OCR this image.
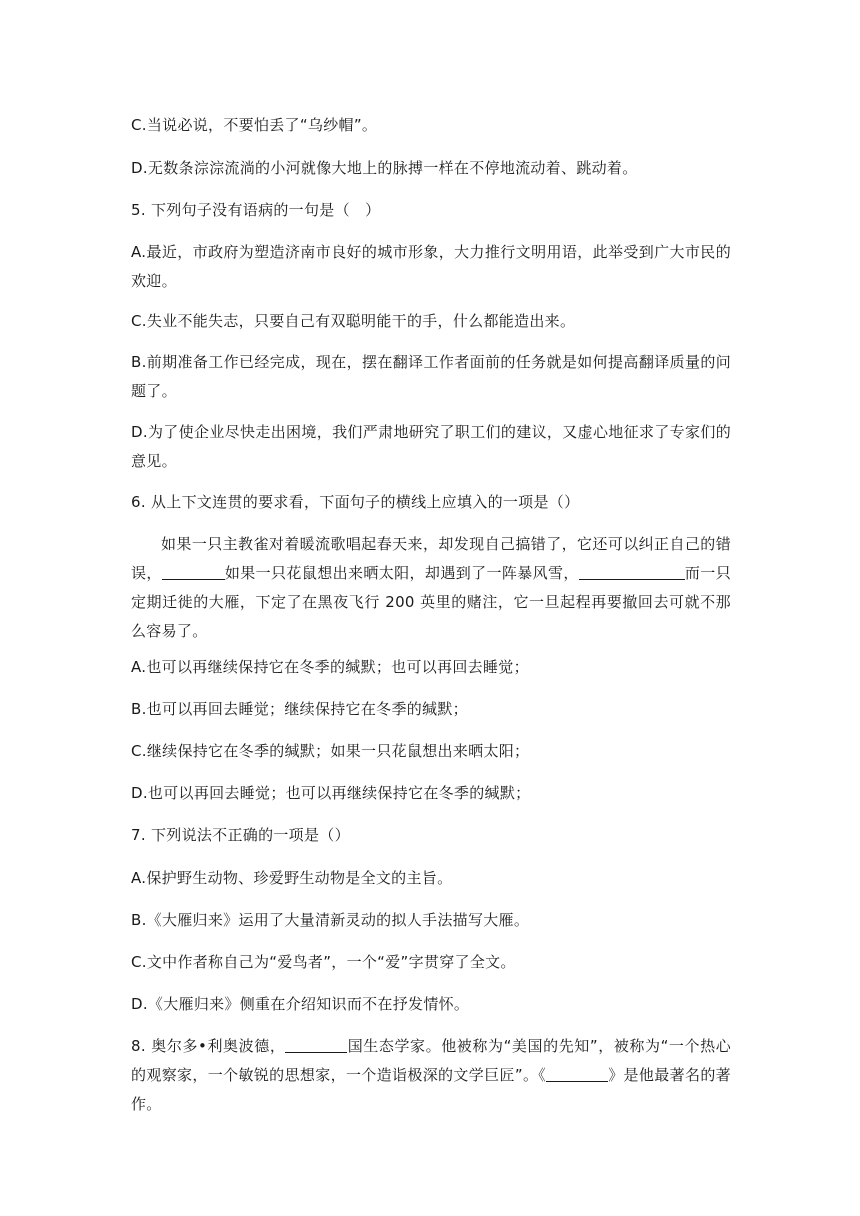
C.当说必说，不要怕丢了“乌纱帽”。
D.无数条淙淙流淌的小河就像大地上的脉搏一样在不停地流动着、跳动着。
5. 下列句子没有语病的一句是（　）
A.最近，市政府为塑造济南市良好的城市形象，大力推行文明用语，此举受到广大市民的欢迎。
C.失业不能失志，只要自己有双聪明能干的手，什么都能造出来。
B.前期准备工作已经完成，现在，摆在翻译工作者面前的任务就是如何提高翻译质量的问题了。
D.为了使企业尽快走出困境，我们严肃地研究了职工们的建议，又虚心地征求了专家们的意见。
6. 从上下文连贯的要求看，下面句子的横线上应填入的一项是（）
如果一只主教雀对着暖流歌唱起春天来，却发现自己搞错了，它还可以纠正自己的错误，	如果一只花鼠想出来晒太阳，却遇到了一阵暴风雪，	而一只定期迁徙的大雁，下定了在黑夜飞行 200 英里的赌注，它一旦起程再要撤回去可就不那么容易了。
A.也可以再继续保持它在冬季的缄默；也可以再回去睡觉；
B.也可以再回去睡觉；继续保持它在冬季的缄默；
C.继续保持它在冬季的缄默；如果一只花鼠想出来晒太阳；
D.也可以再回去睡觉；也可以再继续保持它在冬季的缄默；
7. 下列说法不正确的一项是（）
A.保护野生动物、珍爱野生动物是全文的主旨。
B.《大雁归来》运用了大量清新灵动的拟人手法描写大雁。
C.文中作者称自己为“爱鸟者”，一个“爱”字贯穿了全文。
D.《大雁归来》侧重在介绍知识而不在抒发情怀。
8. 奥尔多•利奥波德，	国生态学家。他被称为“美国的先知”，被称为“一个热心的观察家，一个敏锐的思想家，一个造诣极深的文学巨匠”。《	》是他最著名的著作。
